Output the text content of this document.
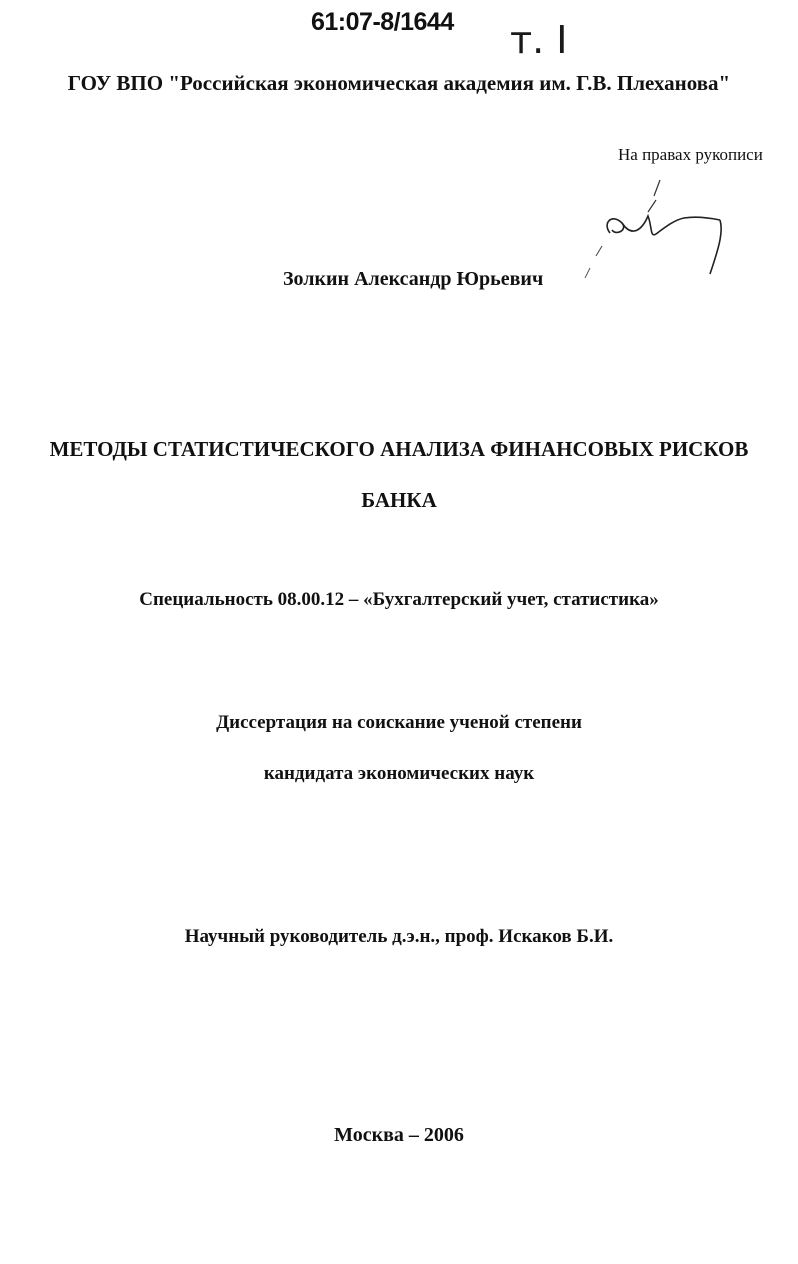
61:07-8/1644 т. I
ГОУ ВПО "Российская экономическая академия им. Г.В. Плеханова"
На правах рукописи
Золкин Александр Юрьевич
МЕТОДЫ СТАТИСТИЧЕСКОГО АНАЛИЗА ФИНАНСОВЫХ РИСКОВ
БАНКА
Специальность 08.00.12 – «Бухгалтерский учет, статистика»
Диссертация на соискание ученой степени
кандидата экономических наук
Научный руководитель д.э.н., проф. Искаков Б.И.
Москва – 2006
